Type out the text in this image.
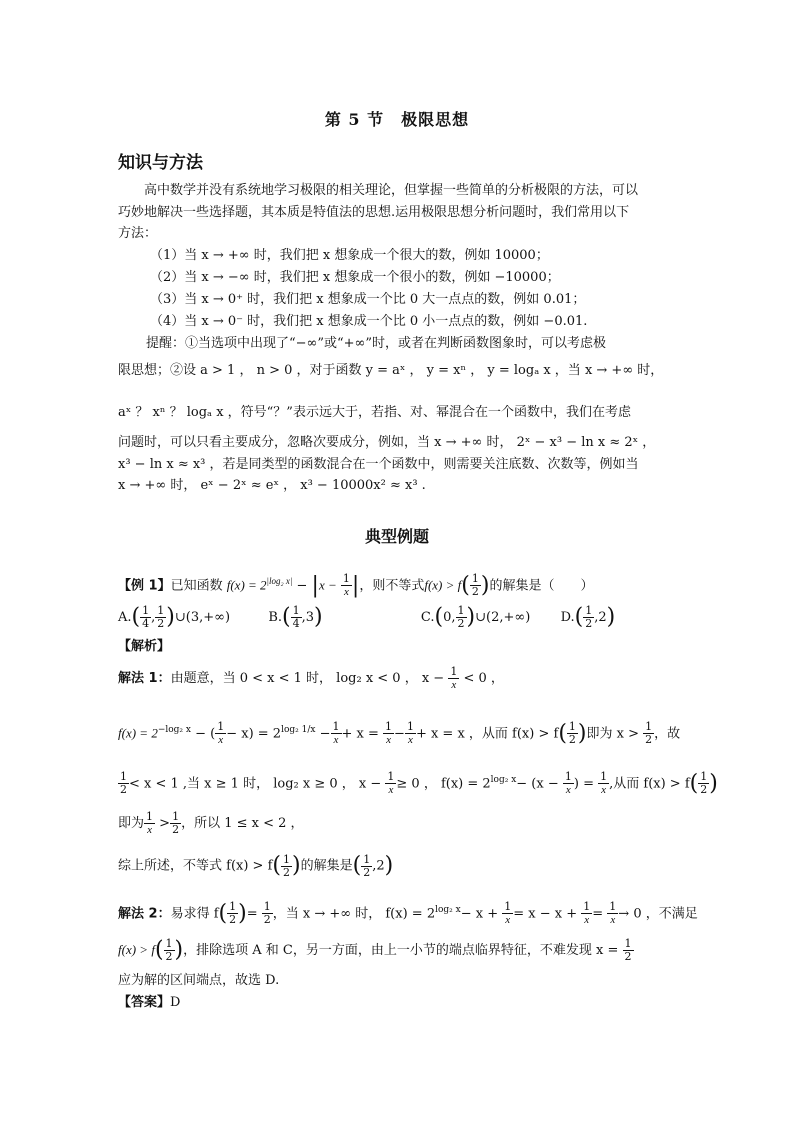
第 5 节　极限思想
知识与方法
高中数学并没有系统地学习极限的相关理论，但掌握一些简单的分析极限的方法，可以
巧妙地解决一些选择题，其本质是特值法的思想.运用极限思想分析问题时，我们常用以下
方法：
（1）当 x → +∞ 时，我们把 x 想象成一个很大的数，例如 10000；
（2）当 x → −∞ 时，我们把 x 想象成一个很小的数，例如 −10000；
（3）当 x → 0⁺ 时，我们把 x 想象成一个比 0 大一点点的数，例如 0.01；
（4）当 x → 0⁻ 时，我们把 x 想象成一个比 0 小一点点的数，例如 −0.01.
提醒：①当选项中出现了“−∞”或“+∞”时，或者在判断函数图象时，可以考虑极
限思想；②设 a > 1 ， n > 0 ，对于函数 y = aˣ ， y = xⁿ ， y = logₐ x ，当 x → +∞ 时，
aˣ ？ xⁿ ？ logₐ x ，符号“？”表示远大于，若指、对、幂混合在一个函数中，我们在考虑
问题时，可以只看主要成分，忽略次要成分，例如，当 x → +∞ 时， 2ˣ − x³ − ln x ≈ 2ˣ ，
x³ − ln x ≈ x³ ，若是同类型的函数混合在一个函数中，则需要关注底数、次数等，例如当
x → +∞ 时， eˣ − 2ˣ ≈ eˣ ， x³ − 10000x² ≈ x³ .
典型例题
【例 1】已知函数 $f(x) = 2^{|log_2 x|} - |x - \frac{1}{x}$ |，则不等式$f(x) > f( \frac{1}{2}$ )的解集是（　　）
$A.( \frac{1}{4}$ , $\frac{1}{2}$ )∪(3,+∞)	$B.( \frac{1}{4} ,3)$	C.(0, $\frac{1}{2}$ )∪(2,+∞) $D.( \frac{1}{2} ,2)$
【解析】
解法 1：由题意，当 0 < x < 1 时， log₂ x < 0 ， $x - \frac{1}{x} < 0$ ，
$f(x) = 2^{-log_2 x}$ − ( $\frac{1}{x} - x) = 2^{log_2 1/x} - \frac{1}{x} + x = \frac{1}{x} - \frac{1}{x} + x = x$ ，从而 $f(x) > f( \frac{1}{2}$ )即为 $x > \frac{1}{2}$ ，故
$\frac{1}{2} < x < 1$ ,当 x ≥ 1 时， log₂ x ≥ 0 ， $x - \frac{1}{x} \ge 0$ ， $f(x) = 2^{log_2 x}- (x - \frac{1}{x}$ ) = $\frac{1}{x}$ ,从而 $f(x) > f( \frac{1}{2}$ )
即为 $\frac{1}{x} > \frac{1}{2}$ ，所以 1 ≤ x < 2 ，
综上所述，不等式 $f(x) > f( \frac{1}{2}$ )的解集是( $\frac{1}{2} ,2$)
解法 2：易求得 $f( \frac{1}{2}$ )= $\frac{1}{2}$ ，当 x → +∞ 时， $f(x) = 2^{log_2 x}- x + \frac{1}{x} = x - x + \frac{1}{x} = \frac{1}{x} \to 0$ ，不满足
$f(x) > f( \frac{1}{2}$ )，排除选项 A 和 C，另一方面，由上一小节的端点临界特征，不难发现 $x = \frac{1}{2}$
应为解的区间端点，故选 D.
【答案】D
